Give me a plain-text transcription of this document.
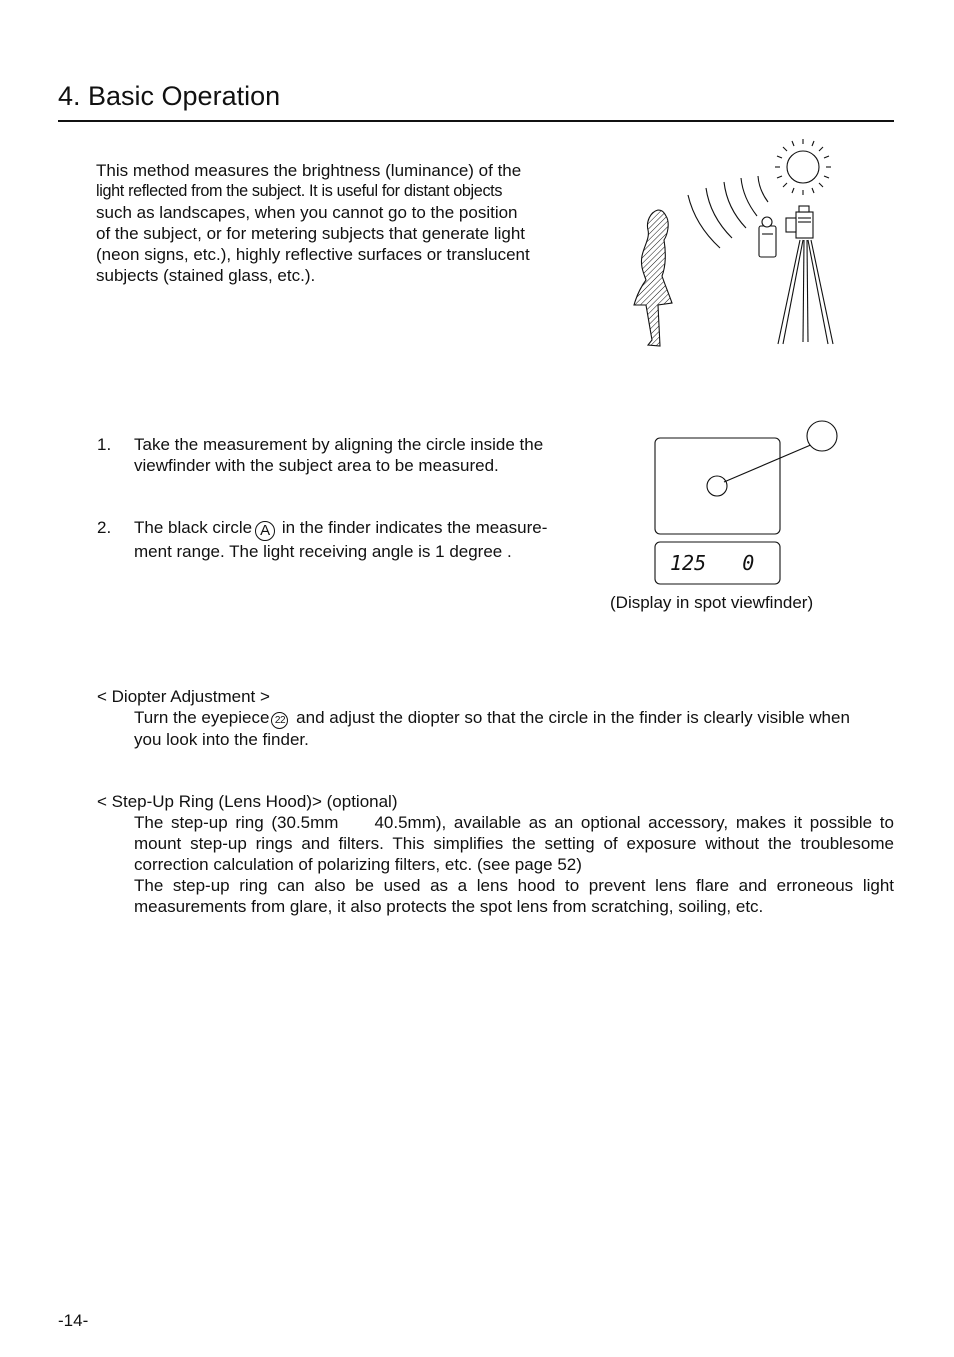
4. Basic Operation

This method measures the brightness (luminance) of the
light reflected from the subject. It is useful for distant objects
such as landscapes, when you cannot go to the position
of the subject, or for metering subjects that generate light
(neon signs, etc.), highly reflective surfaces or translucent
subjects (stained glass, etc.).

1. Take the measurement by aligning the circle inside the
viewfinder with the subject area to be measured.
2. The black circle A in the finder indicates the measure-
ment range. The light receiving angle is 1 degree .	125   0
(Display in spot viewfinder)
< Diopter Adjustment >
Turn the eyepiece 22 and adjust the diopter so that the circle in the finder is clearly visible when
you look into the finder.
< Step-Up Ring (Lens Hood)> (optional)
The step-up ring (30.5mm 40.5mm), available as an optional accessory, makes it possible to
mount step-up rings and filters. This simplifies the setting of exposure without the troublesome
correction calculation of polarizing filters, etc. (see page 52)
The step-up ring can also be used as a lens hood to prevent lens flare and erroneous light
measurements from glare, it also protects the spot lens from scratching, soiling, etc.
-14-
